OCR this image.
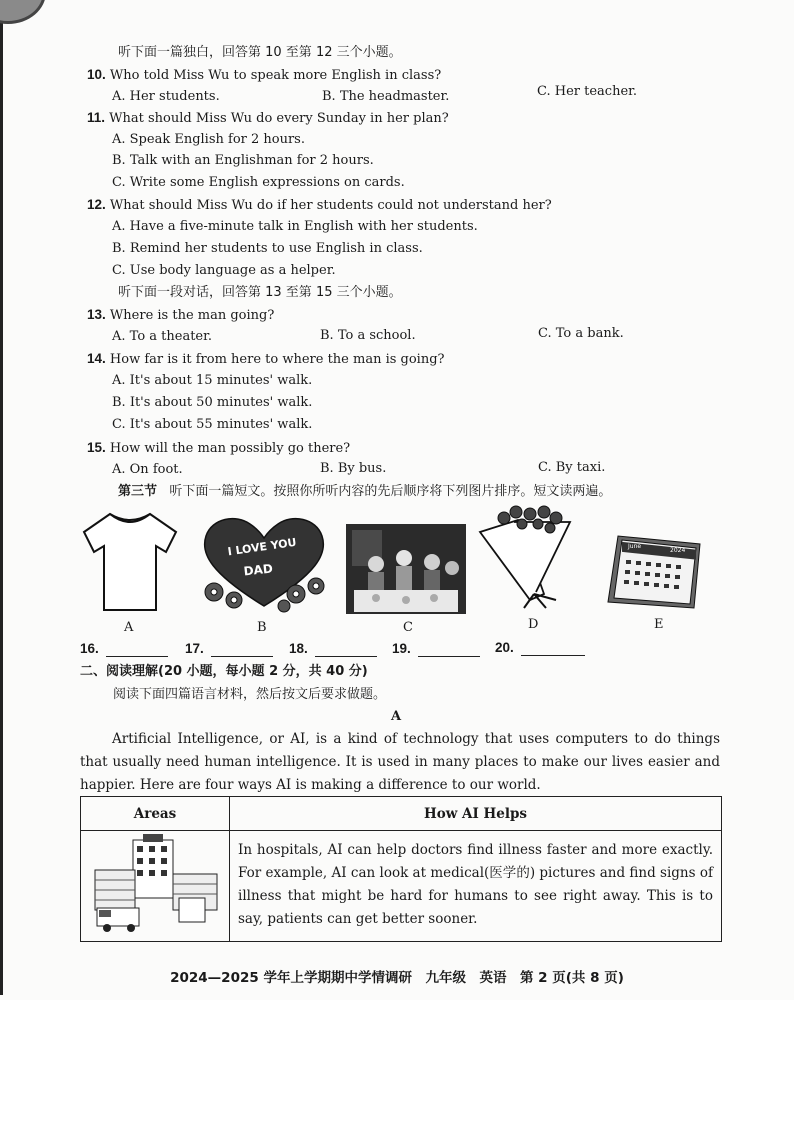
听下面一篇独白，回答第 10 至第 12 三个小题。
10. Who told Miss Wu to speak more English in class?
A. Her students.	B. The headmaster.	C. Her teacher.
11. What should Miss Wu do every Sunday in her plan?
A. Speak English for 2 hours.
B. Talk with an Englishman for 2 hours.
C. Write some English expressions on cards.
12. What should Miss Wu do if her students could not understand her?
A. Have a five-minute talk in English with her students.
B. Remind her students to use English in class.
C. Use body language as a helper.
听下面一段对话，回答第 13 至第 15 三个小题。
13. Where is the man going?
A. To a theater.	B. To a school.	C. To a bank.
14. How far is it from here to where the man is going?
A. It's about 15 minutes' walk.
B. It's about 50 minutes' walk.
C. It's about 55 minutes' walk.
15. How will the man possibly go there?
A. On foot.	B. By bus.	C. By taxi.
第三节 听下面一篇短文。按照你所听内容的先后顺序将下列图片排序。短文读两遍。
A
I LOVE YOU
DAD
B	C	D
June
2024
E
16.	17.	18.	19.	20.
二、阅读理解(20 小题，每小题 2 分，共 40 分)
阅读下面四篇语言材料，然后按文后要求做题。
A
Artificial Intelligence, or AI, is a kind of technology that uses computers to do things that usually need human intelligence. It is used in many places to make our lives easier and happier. Here are four ways AI is making a difference to our world.
Areas	How AI Helps

In hospitals, AI can help doctors find illness faster and more exactly. For example, AI can look at medical(医学的) pictures and find signs of illness that might be hard for humans to see right away. This is to say, patients can get better sooner.
2024—2025 学年上学期期中学情调研　九年级　英语　第 2 页(共 8 页)
